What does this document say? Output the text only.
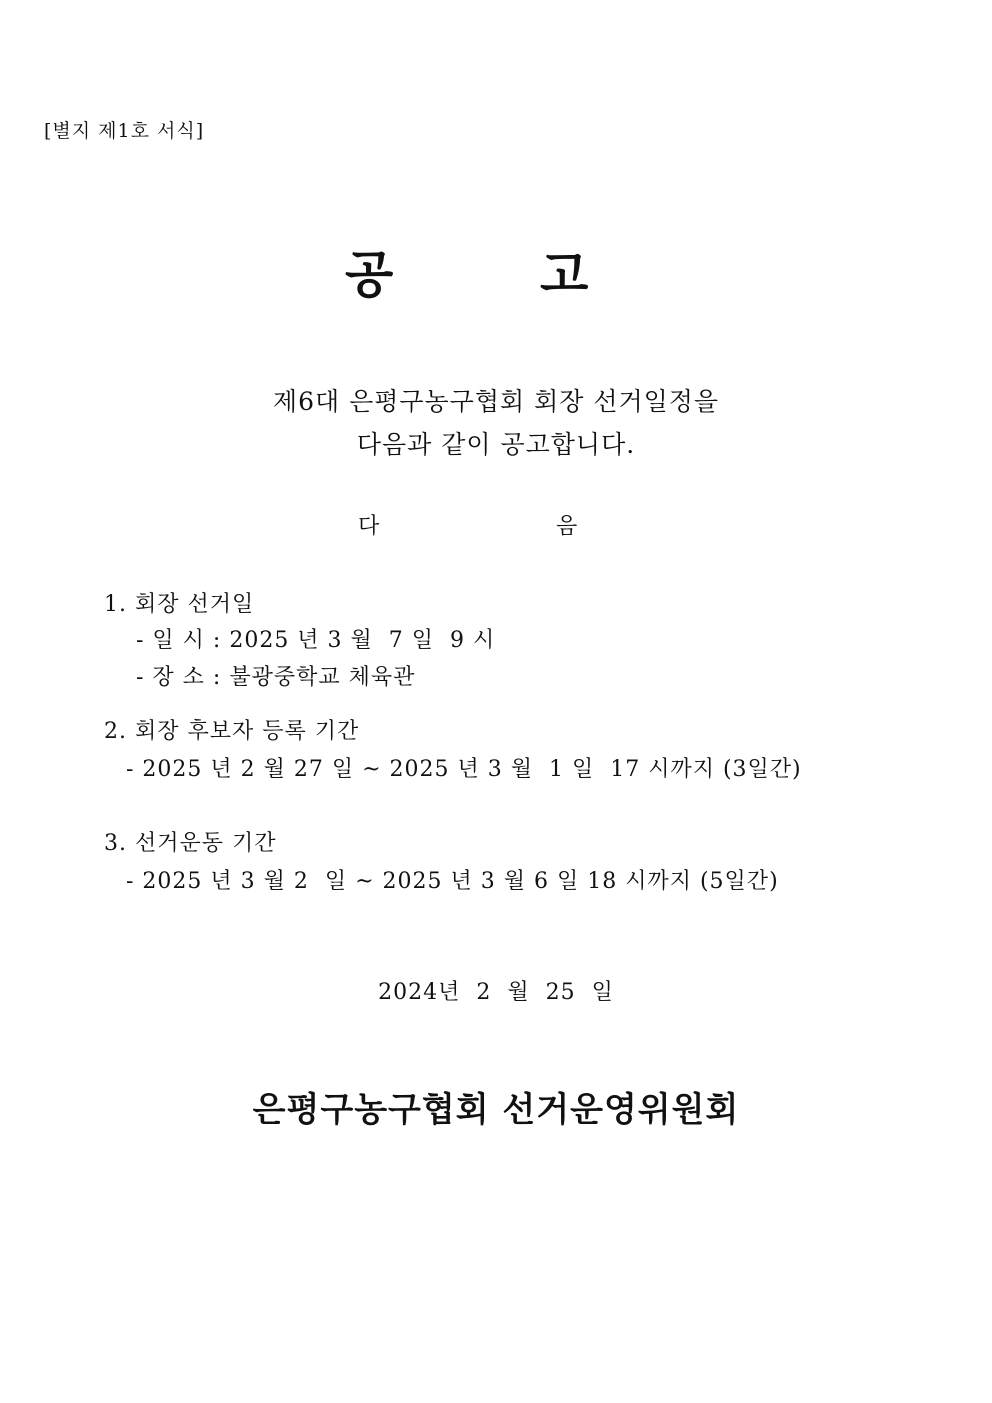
[별지 제1호 서식]

공

	고

제6대 은평구농구협회 회장 선거일정을
다음과 같이 공고합니다.

다

	음

1. 회장 선거일
- 일 시 : 2025 년 3 월  7 일  9 시
- 장 소 : 불광중학교 체육관
2. 회장 후보자 등록 기간
- 2025 년 2 월 27 일 ~ 2025 년 3 월  1 일  17 시까지 (3일간)
3. 선거운동 기간
- 2025 년 3 월 2  일 ~ 2025 년 3 월 6 일 18 시까지 (5일간)
2024년  2  월  25  일
은평구농구협회 선거운영위원회
